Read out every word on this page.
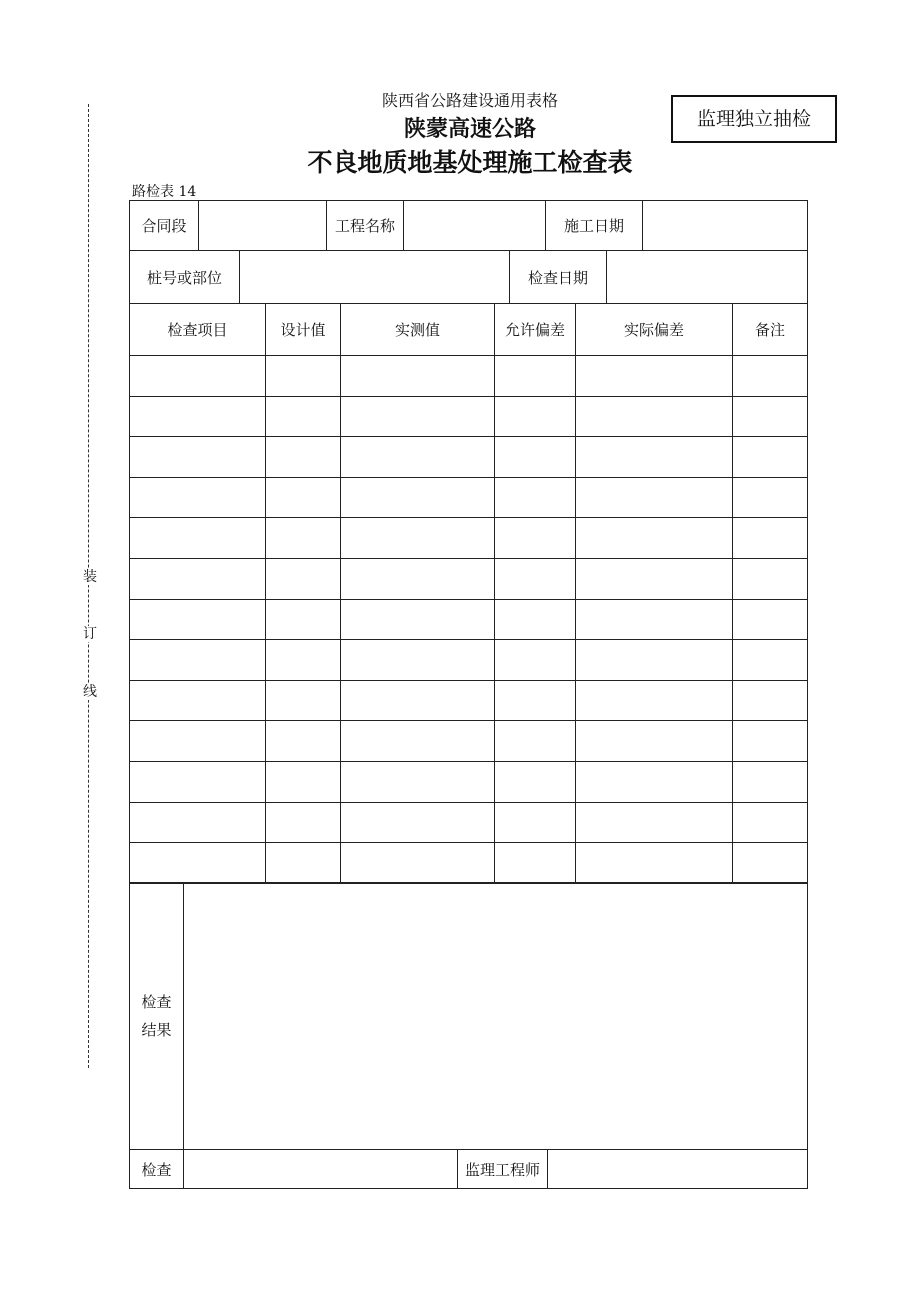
装
订
线
陕西省公路建设通用表格
陕蒙高速公路
不良地质地基处理施工检查表
监理独立抽检
路检表 14
合同段		工程名称		施工日期	
桩号或部位		检查日期	
检查项目	设计值	实测值	允许偏差	实际偏差	备注

检查
结果			
检查		监理工程师	
